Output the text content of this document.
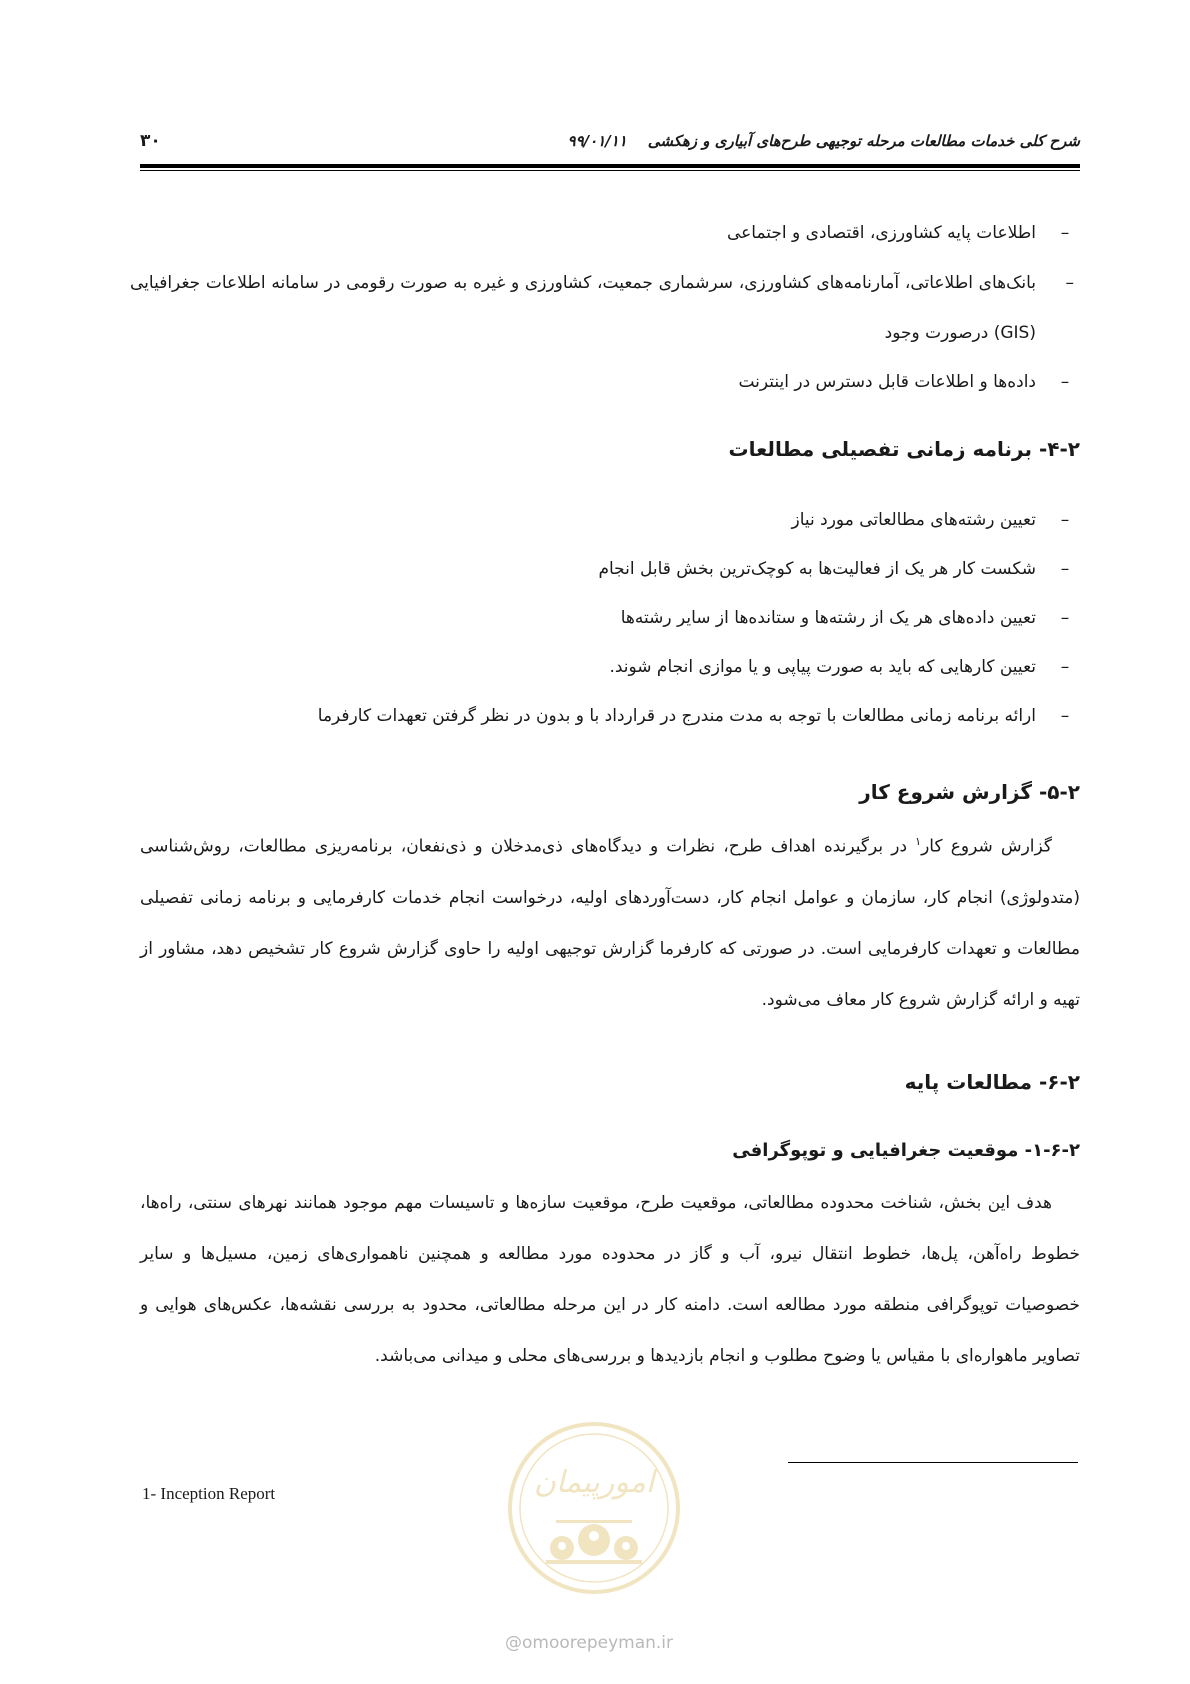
۳۰	شرح کلی خدمات مطالعات مرحله توجیهی طرح‌های آبیاری و زهکشی    ۹۹/۰۱/۱۱
–
اطلاعات پایه کشاورزی، اقتصادی و اجتماعی
–
بانک‌های اطلاعاتی، آمارنامه‌های کشاورزی، سرشماری جمعیت، کشاورزی و غیره به صورت رقومی در سامانه اطلاعات جغرافیایی (GIS) درصورت وجود
–
داده‌ها و اطلاعات قابل دسترس در اینترنت
۴-۲- برنامه زمانی تفصیلی مطالعات
–
تعیین رشته‌های مطالعاتی مورد نیاز
–
شکست کار هر یک از فعالیت‌ها به کوچک‌ترین بخش قابل انجام
–
تعیین داده‌های هر یک از رشته‌ها و ستانده‌ها از سایر رشته‌ها
–
تعیین کارهایی که باید به صورت پیاپی و یا موازی انجام شوند.
–
ارائه برنامه زمانی مطالعات با توجه به مدت مندرج در قرارداد با و بدون در نظر گرفتن تعهدات کارفرما
۵-۲- گزارش شروع کار
گزارش شروع کار$^۱$ در برگیرنده اهداف طرح، نظرات و دیدگاه‌های ذی‌مدخلان و ذی‌نفعان، برنامه‌ریزی مطالعات، روش‌شناسی (متدولوژی) انجام کار، سازمان و عوامل انجام کار، دست‌آوردهای اولیه، درخواست انجام خدمات کارفرمایی و برنامه زمانی تفصیلی مطالعات و تعهدات کارفرمایی است. در صورتی که کارفرما گزارش توجیهی اولیه را حاوی گزارش شروع کار تشخیص دهد، مشاور از تهیه و ارائه گزارش شروع کار معاف می‌شود.
۶-۲- مطالعات پایه
۱-۶-۲- موقعیت جغرافیایی و توپوگرافی
هدف این بخش، شناخت محدوده مطالعاتی، موقعیت طرح، موقعیت سازه‌ها و تاسیسات مهم موجود همانند نهرهای سنتی، راه‌ها، خطوط راه‌آهن، پل‌ها، خطوط انتقال نیرو، آب و گاز در محدوده مورد مطالعه و همچنین ناهمواری‌های زمین، مسیل‌ها و سایر خصوصیات توپوگرافی منطقه مورد مطالعه است. دامنه کار در این مرحله مطالعاتی، محدود به بررسی نقشه‌ها، عکس‌های هوایی و تصاویر ماهواره‌ای با مقیاس یا وضوح مطلوب و انجام بازدیدها و بررسی‌های محلی و میدانی می‌باشد.
1- Inception Report	امورپیمان
@omoorepeyman.ir
